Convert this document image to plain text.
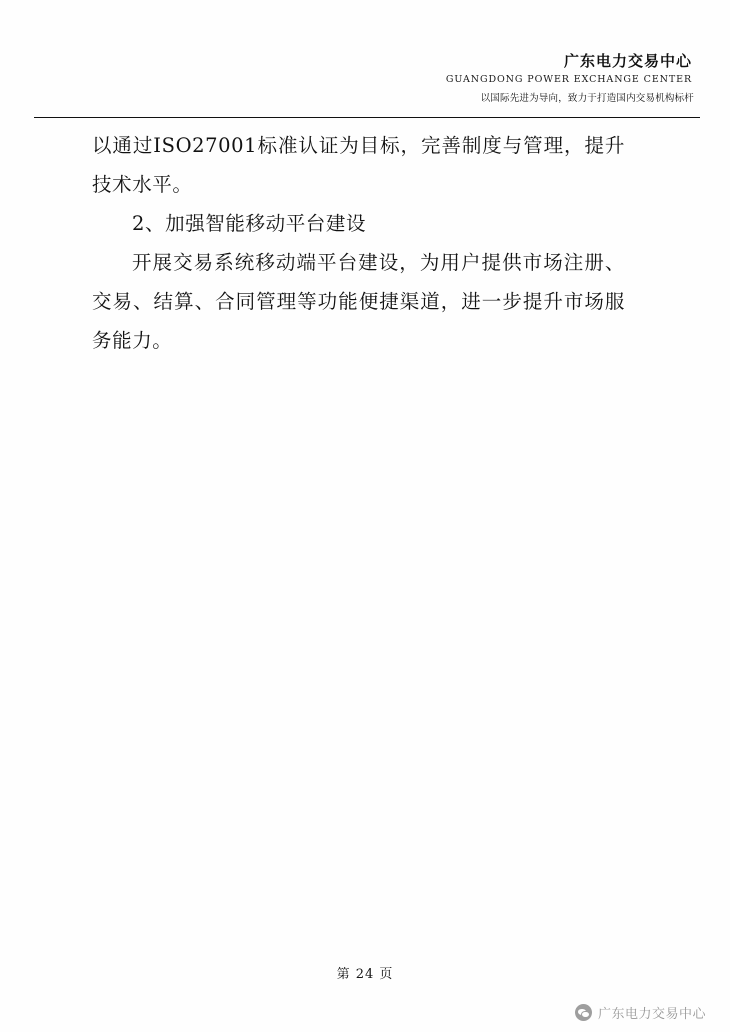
广东电力交易中心
GUANGDONG POWER EXCHANGE CENTER
以国际先进为导向，致力于打造国内交易机构标杆

以通过ISO27001标准认证为目标，完善制度与管理，提升技术水平。

2、加强智能移动平台建设

开展交易系统移动端平台建设，为用户提供市场注册、交易、结算、合同管理等功能便捷渠道，进一步提升市场服务能力。

第 24 页
广东电力交易中心
